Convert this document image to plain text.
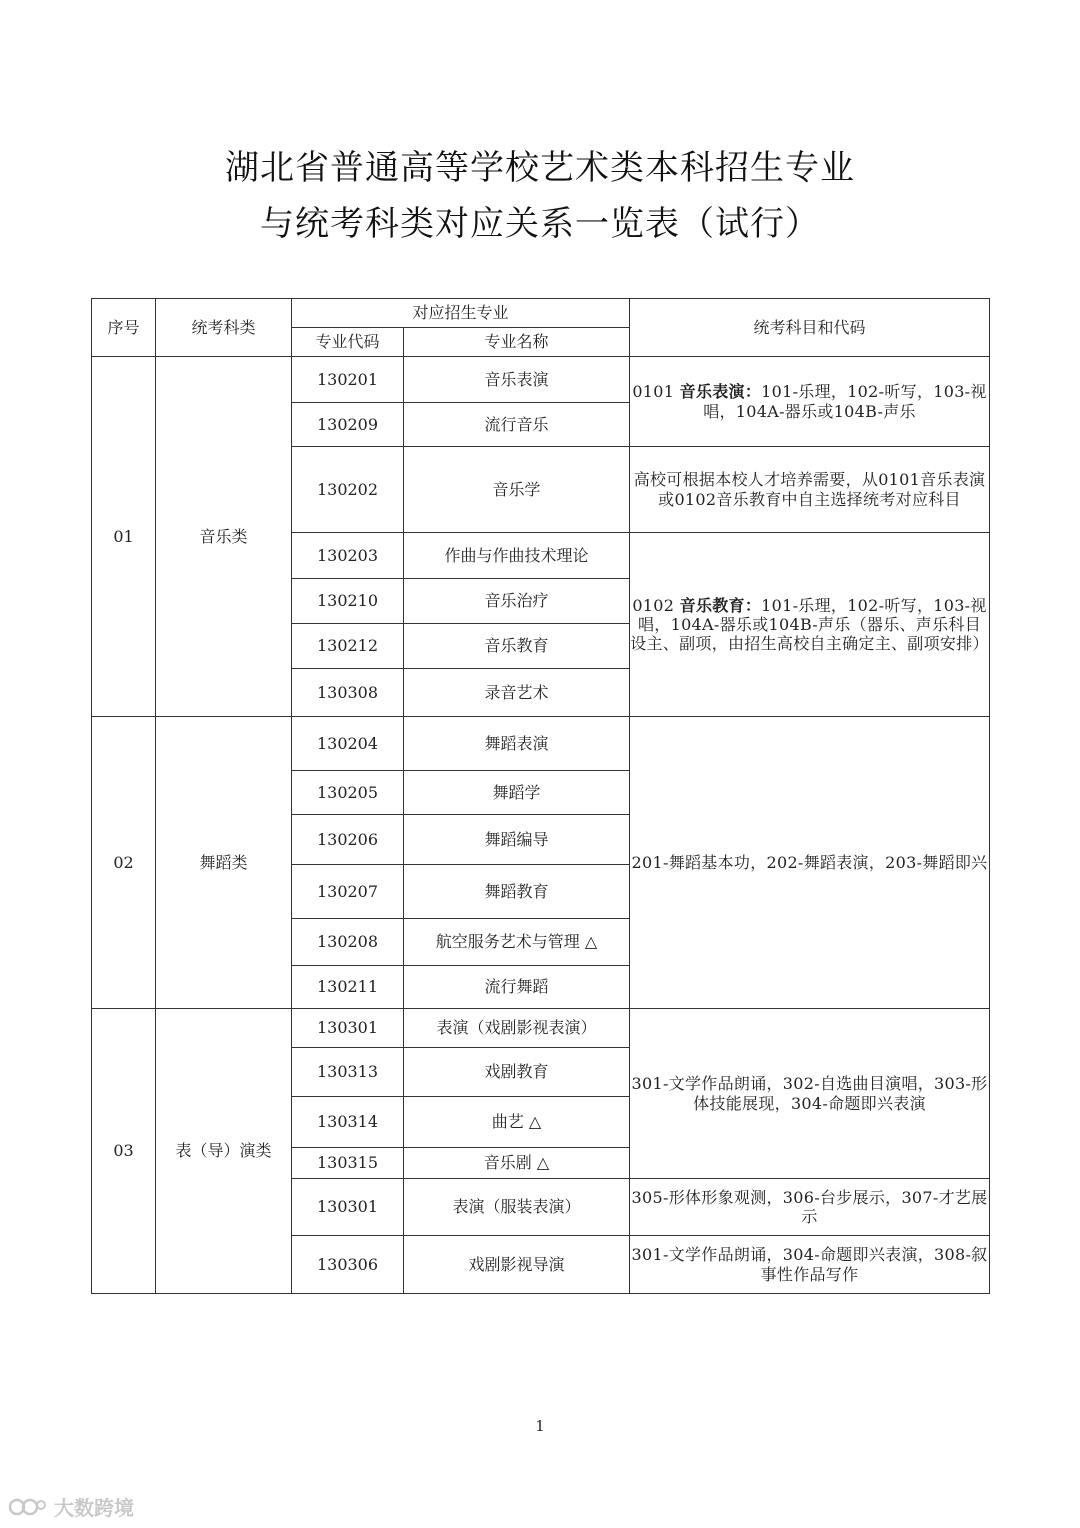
湖北省普通高等学校艺术类本科招生专业
与统考科类对应关系一览表（试行）
序号	统考科类	对应招生专业		统考科目和代码
		专业代码	专业名称	
01	音乐类	130201	音乐表演	0101 音乐表演：101-乐理，102-听写，103-视唱，104A-器乐或104B-声乐
		130209	流行音乐	
		130202	音乐学	高校可根据本校人才培养需要，从0101音乐表演或0102音乐教育中自主选择统考对应科目
		130203	作曲与作曲技术理论	0102 音乐教育：101-乐理，102-听写，103-视唱，104A-器乐或104B-声乐（器乐、声乐科目设主、副项，由招生高校自主确定主、副项安排）
		130210	音乐治疗	
		130212	音乐教育	
		130308	录音艺术	
02	舞蹈类	130204	舞蹈表演	201-舞蹈基本功，202-舞蹈表演，203-舞蹈即兴
		130205	舞蹈学	
		130206	舞蹈编导	
		130207	舞蹈教育	
		130208	航空服务艺术与管理 △	
		130211	流行舞蹈	
03	表（导）演类	130301	表演（戏剧影视表演）	301-文学作品朗诵，302-自选曲目演唱，303-形体技能展现，304-命题即兴表演
		130313	戏剧教育	
		130314	曲艺 △	
		130315	音乐剧 △	
		130301	表演（服装表演）	305-形体形象观测，306-台步展示，307-才艺展示
		130306	戏剧影视导演	301-文学作品朗诵，304-命题即兴表演，308-叙事性作品写作
1
大数跨境
